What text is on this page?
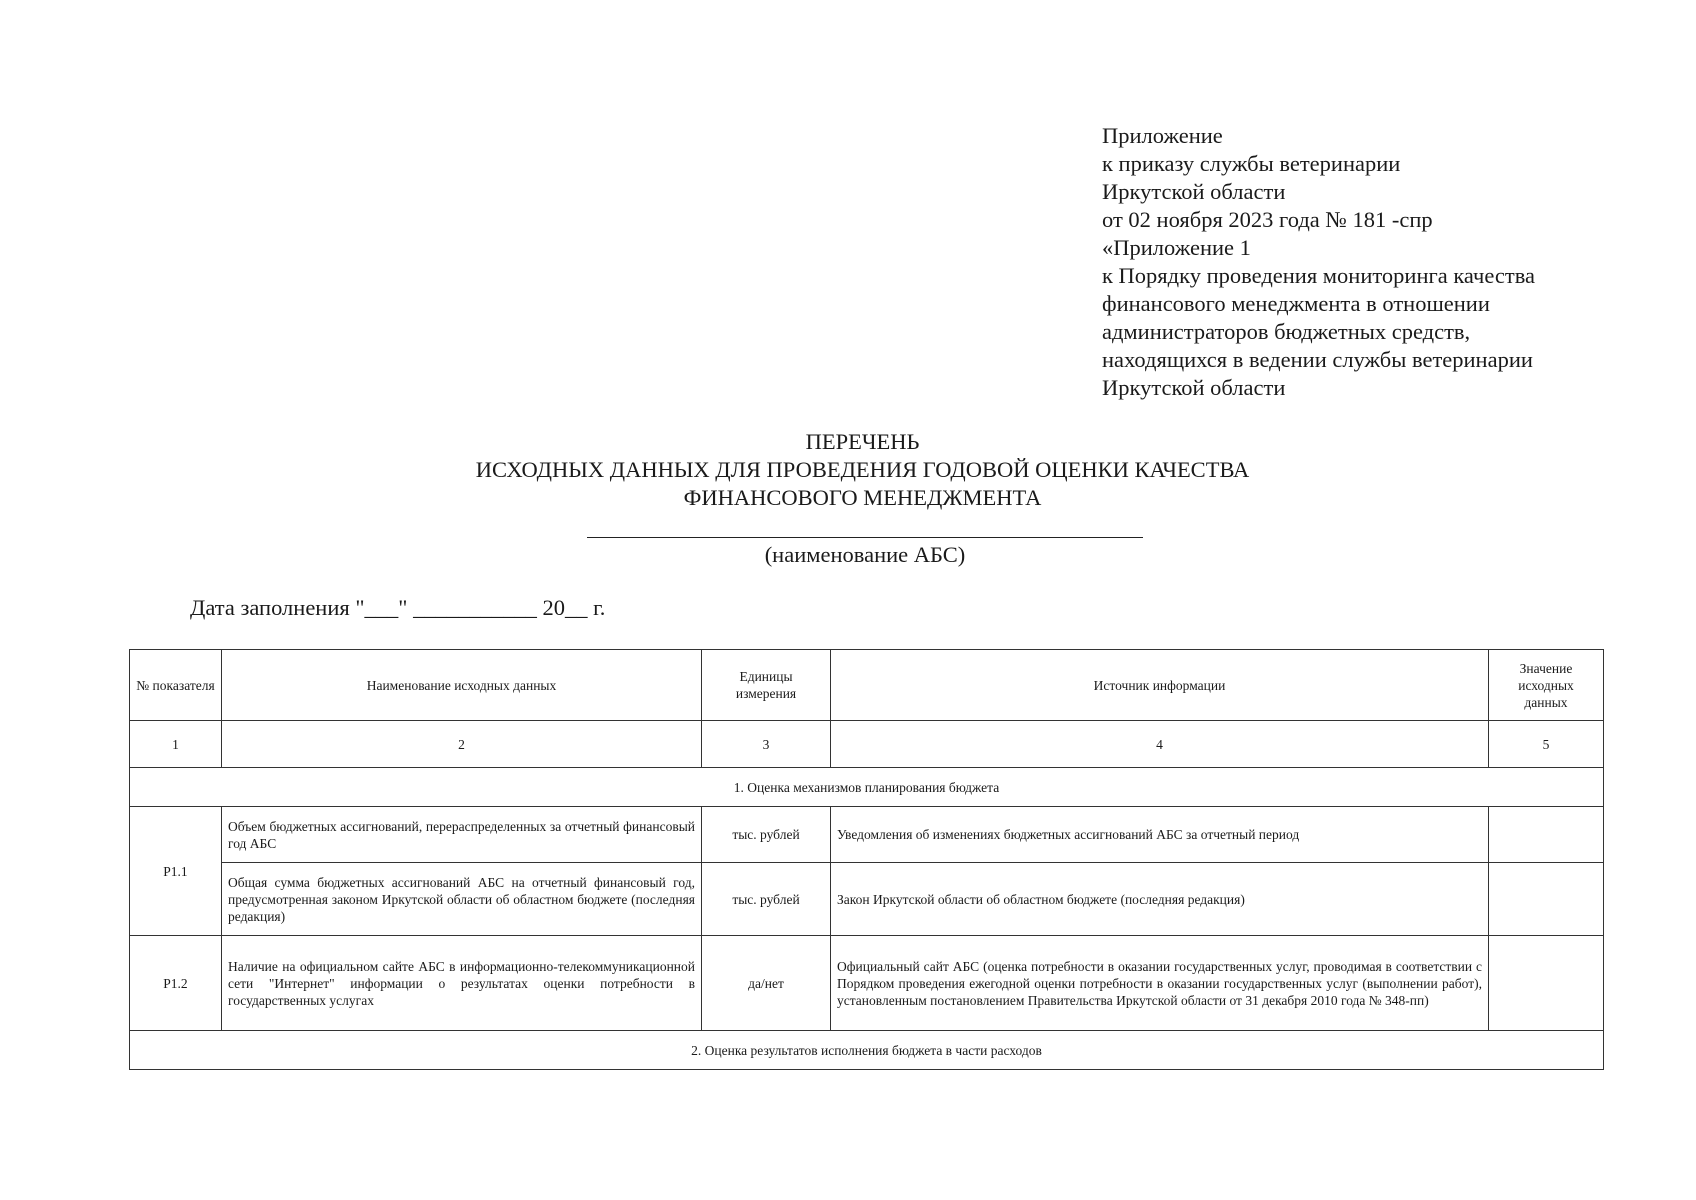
Приложение
к приказу службы ветеринарии
Иркутской области
от 02 ноября 2023 года № 181 -спр
«Приложение 1
к Порядку проведения мониторинга качества
финансового менеджмента в отношении
администраторов бюджетных средств,
находящихся в ведении службы ветеринарии
Иркутской области
ПЕРЕЧЕНЬ
ИСХОДНЫХ ДАННЫХ ДЛЯ ПРОВЕДЕНИЯ ГОДОВОЙ ОЦЕНКИ КАЧЕСТВА
ФИНАНСОВОГО МЕНЕДЖМЕНТА
(наименование АБС)
Дата заполнения "___" ___________ 20__ г.
№ показателя	Наименование исходных данных	Единицы измерения	Источник информации	Значение исходных данных
1	2	3	4	5
1. Оценка механизмов планирования бюджета				
P1.1	Объем бюджетных ассигнований, перераспределенных за отчетный финансовый год АБС	тыс. рублей	Уведомления об изменениях бюджетных ассигнований АБС за отчетный период	
	Общая сумма бюджетных ассигнований АБС на отчетный финансовый год, предусмотренная законом Иркутской области об областном бюджете (последняя редакция)	тыс. рублей	Закон Иркутской области об областном бюджете (последняя редакция)	
P1.2	Наличие на официальном сайте АБС в информационно-телекоммуникационной сети "Интернет" информации о результатах оценки потребности в государственных услугах	да/нет	Официальный сайт АБС (оценка потребности в оказании государственных услуг, проводимая в соответствии с Порядком проведения ежегодной оценки потребности в оказании государственных услуг (выполнении работ), установленным постановлением Правительства Иркутской области от 31 декабря 2010 года № 348-пп)	
2. Оценка результатов исполнения бюджета в части расходов				
